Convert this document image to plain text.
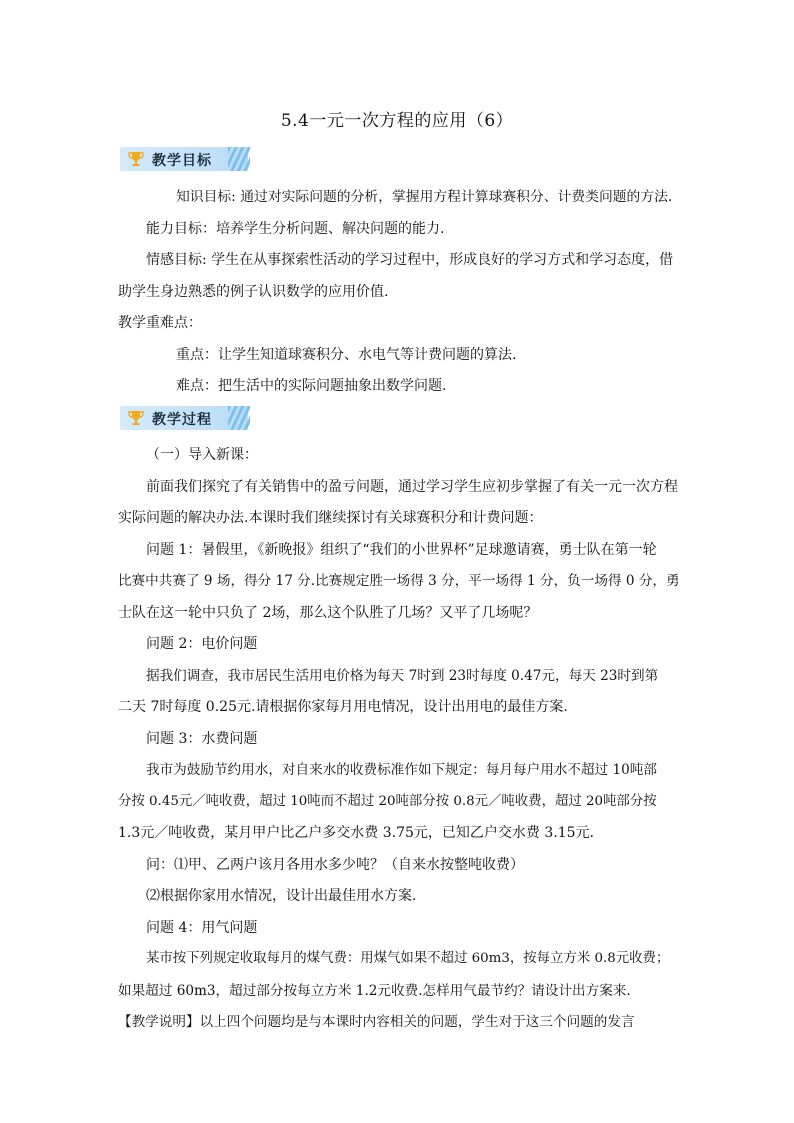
5.4一元一次方程的应用（6）
教学目标
知识目标: 通过对实际问题的分析，掌握用方程计算球赛积分、计费类问题的方法.
能力目标：培养学生分析问题、解决问题的能力.
情感目标: 学生在从事探索性活动的学习过程中，形成良好的学习方式和学习态度，借
助学生身边熟悉的例子认识数学的应用价值.
教学重难点：
重点：让学生知道球赛积分、水电气等计费问题的算法.
难点：把生活中的实际问题抽象出数学问题.
教学过程
（一）导入新课：
前面我们探究了有关销售中的盈亏问题，通过学习学生应初步掌握了有关一元一次方程
实际问题的解决办法.本课时我们继续探讨有关球赛积分和计费问题：
问题 1：暑假里，《新晚报》组织了“我们的小世界杯”足球邀请赛，勇士队在第一轮
比赛中共赛了 9 场，得分 17 分.比赛规定胜一场得 3 分，平一场得 1 分，负一场得 0 分，勇
士队在这一轮中只负了 2场，那么这个队胜了几场？又平了几场呢？
问题 2：电价问题
据我们调查，我市居民生活用电价格为每天 7时到 23时每度 0.47元，每天 23时到第
二天 7时每度 0.25元.请根据你家每月用电情况，设计出用电的最佳方案.
问题 3：水费问题
我市为鼓励节约用水，对自来水的收费标准作如下规定：每月每户用水不超过 10吨部
分按 0.45元／吨收费，超过 10吨而不超过 20吨部分按 0.8元／吨收费，超过 20吨部分按
1.3元／吨收费，某月甲户比乙户多交水费 3.75元，已知乙户交水费 3.15元.
问：⑴甲、乙两户该月各用水多少吨？（自来水按整吨收费）
⑵根据你家用水情况，设计出最佳用水方案.
问题 4：用气问题
某市按下列规定收取每月的煤气费：用煤气如果不超过 60m3，按每立方米 0.8元收费；
如果超过 60m3，超过部分按每立方米 1.2元收费.怎样用气最节约？请设计出方案来.
【教学说明】以上四个问题均是与本课时内容相关的问题，学生对于这三个问题的发言
